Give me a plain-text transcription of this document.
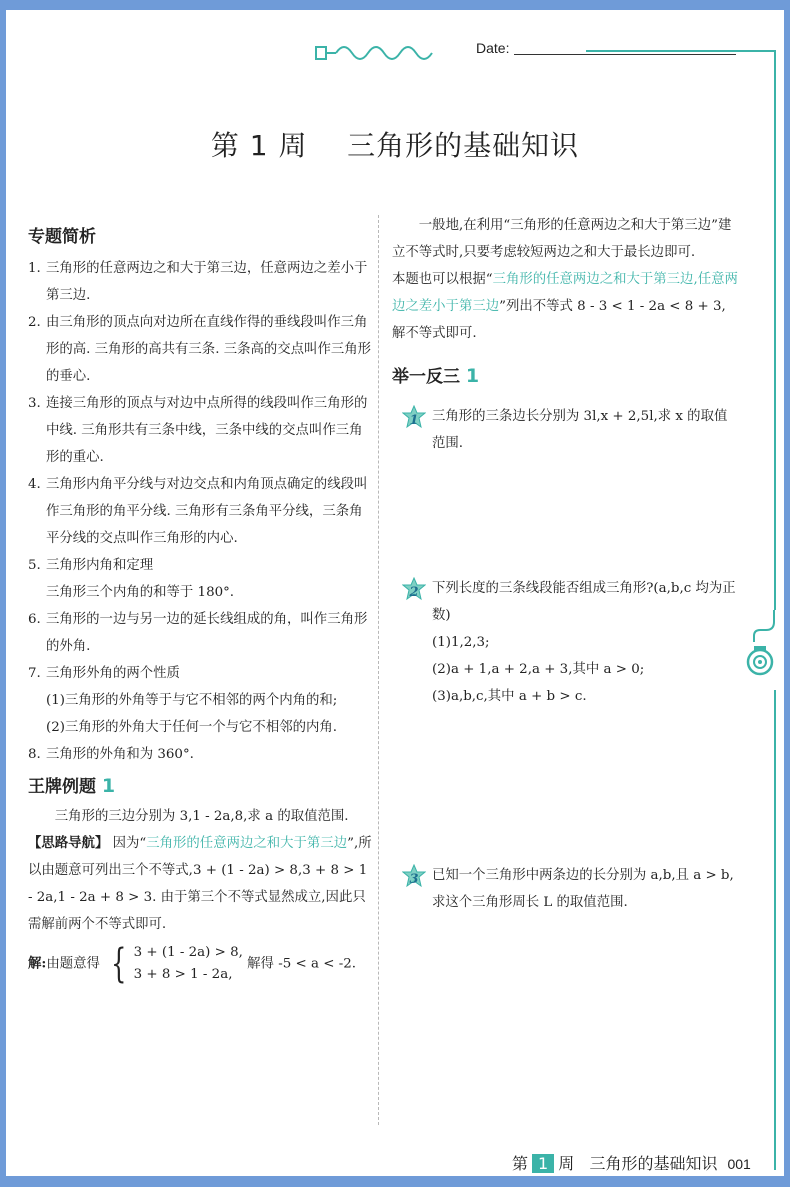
Date:
第 1 周    三角形的基础知识
专题简析
1. 三角形的任意两边之和大于第三边，任意两边之差小于第三边.
2. 由三角形的顶点向对边所在直线作得的垂线段叫作三角形的高. 三角形的高共有三条. 三条高的交点叫作三角形的垂心.
3. 连接三角形的顶点与对边中点所得的线段叫作三角形的中线. 三角形共有三条中线，三条中线的交点叫作三角形的重心.
4. 三角形内角平分线与对边交点和内角顶点确定的线段叫作三角形的角平分线. 三角形有三条角平分线，三条角平分线的交点叫作三角形的内心.
5. 三角形内角和定理
三角形三个内角的和等于 180°.
6. 三角形的一边与另一边的延长线组成的角，叫作三角形的外角.
7. 三角形外角的两个性质
(1)三角形的外角等于与它不相邻的两个内角的和;
(2)三角形的外角大于任何一个与它不相邻的内角.
8. 三角形的外角和为 360°.
王牌例题 1
三角形的三边分别为 3,1 - 2a,8,求 a 的取值范围.
【思路导航】 因为“三角形的任意两边之和大于第三边”,所以由题意可列出三个不等式,3 + (1 - 2a) > 8,3 + 8 > 1 - 2a,1 - 2a + 8 > 3. 由于第三个不等式显然成立,因此只需解前两个不等式即可.
解:由题意得 { 3 + (1 - 2a) > 8,
3 + 8 > 1 - 2a,
解得 -5 < a < -2.
一般地,在利用“三角形的任意两边之和大于第三边”建立不等式时,只要考虑较短两边之和大于最长边即可.
本题也可以根据“三角形的任意两边之和大于第三边,任意两边之差小于第三边”列出不等式 8 - 3 < 1 - 2a < 8 + 3,解不等式即可.
举一反三 1
1	三角形的三条边长分别为 3l,x + 2,5l,求 x 的取值范围.
2	下列长度的三条线段能否组成三角形?(a,b,c 均为正数)
(1)1,2,3;
(2)a + 1,a + 2,a + 3,其中 a > 0;
(3)a,b,c,其中 a + b > c.
3	已知一个三角形中两条边的长分别为 a,b,且 a > b,求这个三角形周长 L 的取值范围.
第 1 周   三角形的基础知识 001
